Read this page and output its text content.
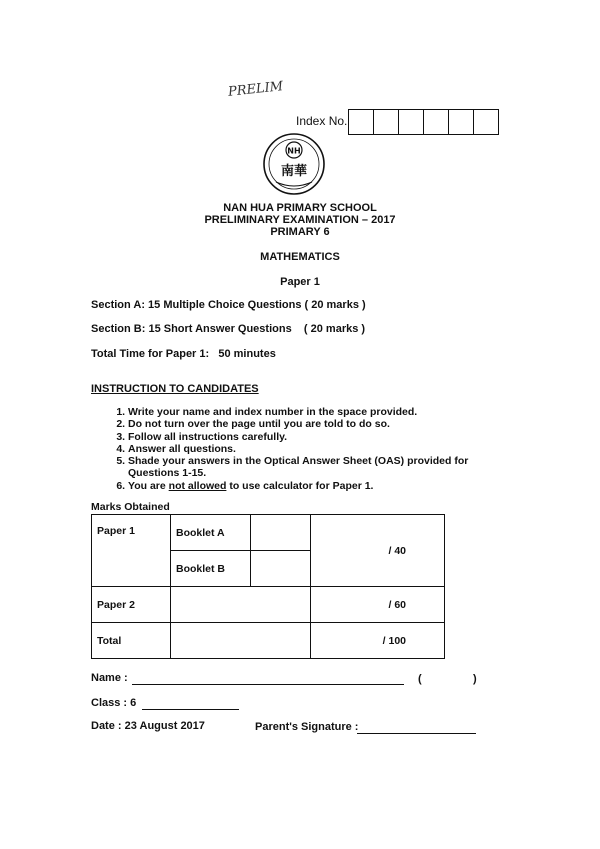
PRELIM
Index No.
NH
南華
NAN HUA PRIMARY SCHOOL
PRELIMINARY EXAMINATION – 2017
PRIMARY 6
MATHEMATICS
Paper 1
Section A: 15 Multiple Choice Questions ( 20 marks )
Section B: 15 Short Answer Questions    ( 20 marks )
Total Time for Paper 1:   50 minutes
INSTRUCTION TO CANDIDATES
1. Write your name and index number in the space provided.
2. Do not turn over the page until you are told to do so.
3. Follow all instructions carefully.
4. Answer all questions.
5. Shade your answers in the Optical Answer Sheet (OAS) provided for Questions 1-15.
6. You are not allowed to use calculator for Paper 1.
Marks Obtained
Paper 1	Booklet A		/ 40
	Booklet B		
Paper 2			/ 60
Total			/ 100
Name :	(	)
Class : 6
Date : 23 August 2017	Parent's Signature :
